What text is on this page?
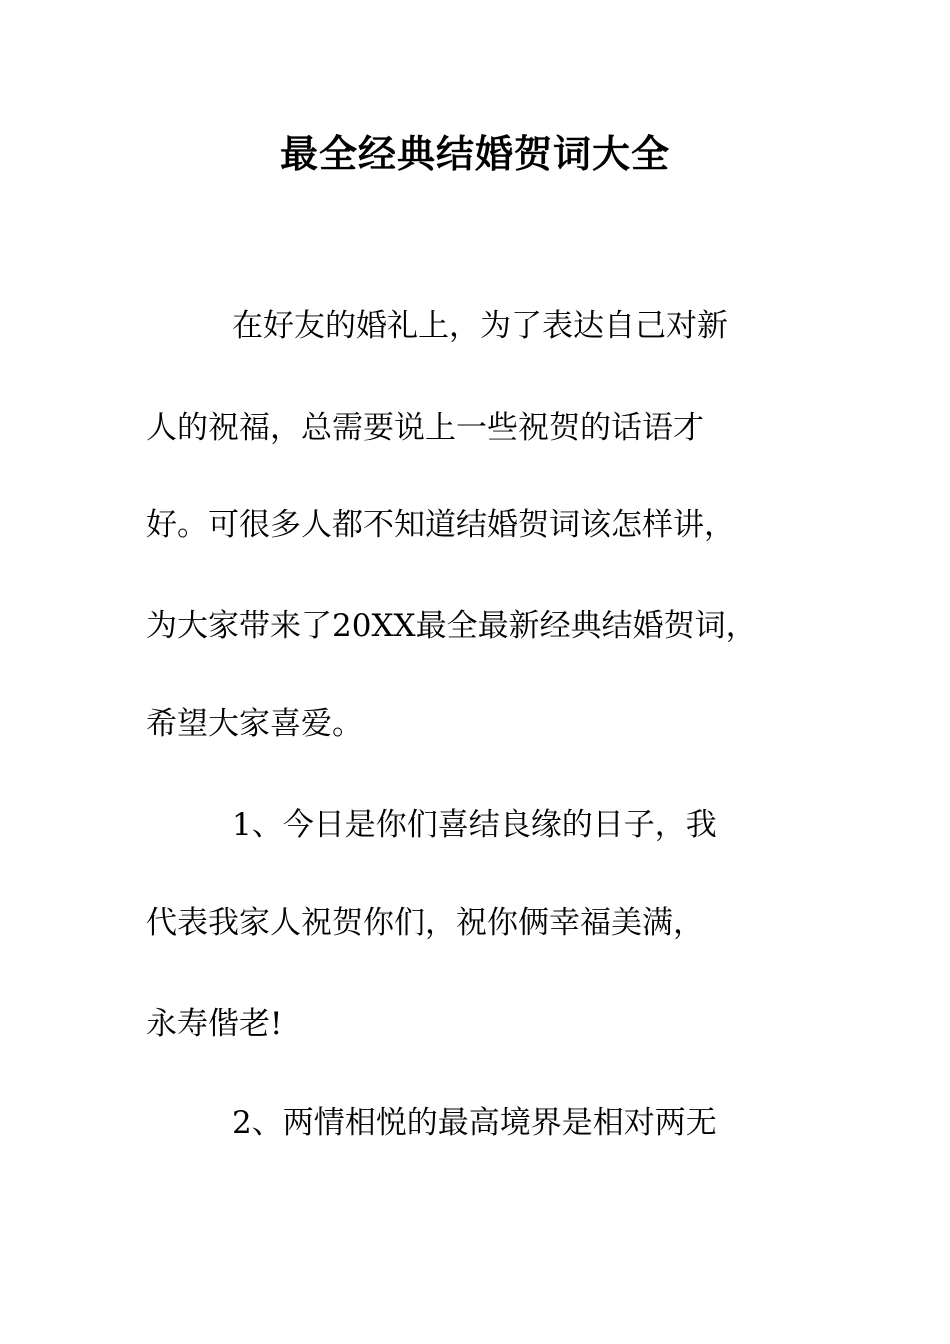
最全经典结婚贺词大全

在好友的婚礼上，为了表达自己对新

人的祝福，总需要说上一些祝贺的话语才

好。可很多人都不知道结婚贺词该怎样讲，

为大家带来了20XX最全最新经典结婚贺词，

希望大家喜爱。

1、今日是你们喜结良缘的日子，我

代表我家人祝贺你们，祝你俩幸福美满，

永寿偕老!

2、两情相悦的最高境界是相对两无
